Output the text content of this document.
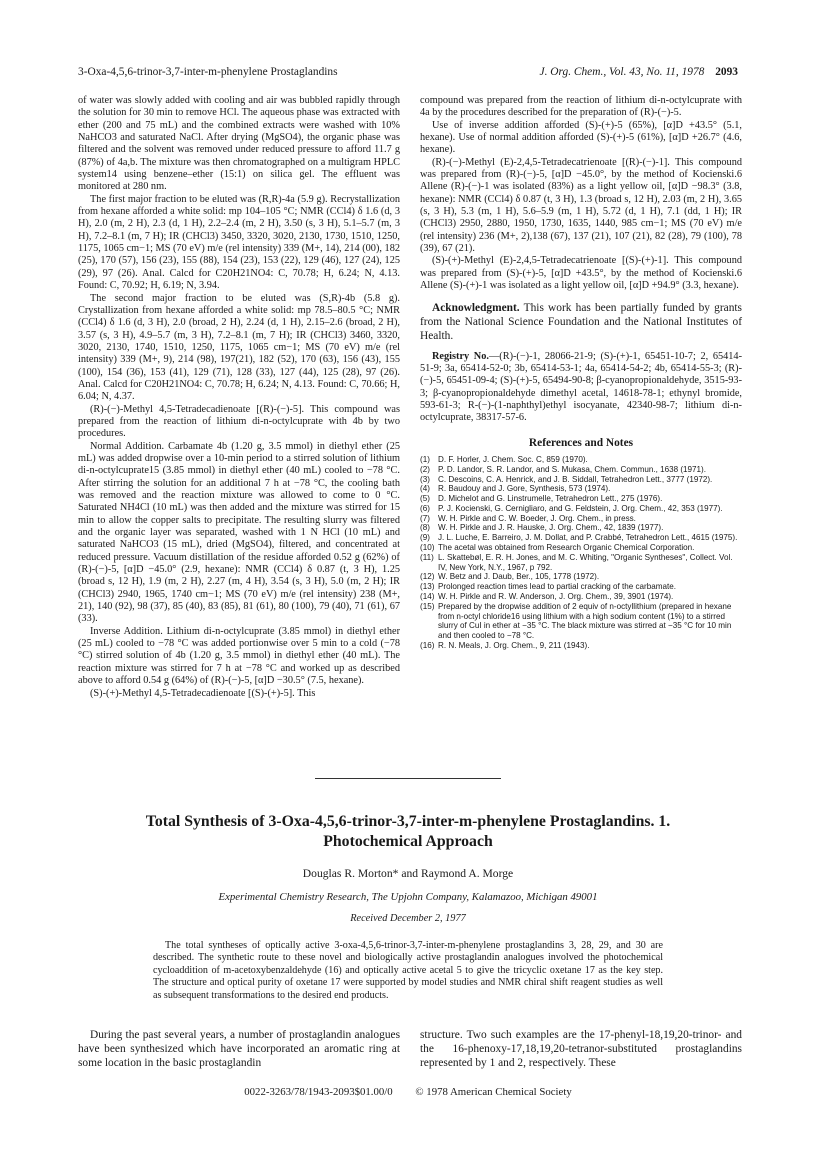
3-Oxa-4,5,6-trinor-3,7-inter-m-phenylene Prostaglandins	J. Org. Chem., Vol. 43, No. 11, 1978 2093

of water was slowly added with cooling and air was bubbled rapidly through the solution for 30 min to remove HCl. The aqueous phase was extracted with ether (200 and 75 mL) and the combined extracts were washed with 10% NaHCO3 and saturated NaCl. After drying (MgSO4), the organic phase was filtered and the solvent was removed under reduced pressure to afford 11.7 g (87%) of 4a,b. The mixture was then chromatographed on a multigram HPLC system14 using benzene–ether (15:1) on silica gel. The effluent was monitored at 280 nm.

The first major fraction to be eluted was (R,R)-4a (5.9 g). Recrystallization from hexane afforded a white solid: mp 104–105 °C; NMR (CCl4) δ 1.6 (d, 3 H), 2.0 (m, 2 H), 2.3 (d, 1 H), 2.2–2.4 (m, 2 H), 3.50 (s, 3 H), 5.1–5.7 (m, 3 H), 7.2–8.1 (m, 7 H); IR (CHCl3) 3450, 3320, 3020, 2130, 1730, 1510, 1250, 1175, 1065 cm−1; MS (70 eV) m/e (rel intensity) 339 (M+, 14), 214 (00), 182 (25), 170 (57), 156 (23), 155 (88), 154 (23), 153 (22), 129 (46), 127 (24), 125 (29), 97 (26). Anal. Calcd for C20H21NO4: C, 70.78; H, 6.24; N, 4.13. Found: C, 70.92; H, 6.19; N, 3.94.

The second major fraction to be eluted was (S,R)-4b (5.8 g). Crystallization from hexane afforded a white solid: mp 78.5–80.5 °C; NMR (CCl4) δ 1.6 (d, 3 H), 2.0 (broad, 2 H), 2.24 (d, 1 H), 2.15–2.6 (broad, 2 H), 3.57 (s, 3 H), 4.9–5.7 (m, 3 H), 7.2–8.1 (m, 7 H); IR (CHCl3) 3460, 3320, 3020, 2130, 1740, 1510, 1250, 1175, 1065 cm−1; MS (70 eV) m/e (rel intensity) 339 (M+, 9), 214 (98), 197(21), 182 (52), 170 (63), 156 (43), 155 (100), 154 (36), 153 (41), 129 (71), 128 (33), 127 (44), 125 (28), 97 (26). Anal. Calcd for C20H21NO4: C, 70.78; H, 6.24; N, 4.13. Found: C, 70.66; H, 6.04; N, 4.37.

(R)-(−)-Methyl 4,5-Tetradecadienoate [(R)-(−)-5]. This compound was prepared from the reaction of lithium di-n-octylcuprate with 4b by two procedures.

Normal Addition. Carbamate 4b (1.20 g, 3.5 mmol) in diethyl ether (25 mL) was added dropwise over a 10-min period to a stirred solution of lithium di-n-octylcuprate15 (3.85 mmol) in diethyl ether (40 mL) cooled to −78 °C. After stirring the solution for an additional 7 h at −78 °C, the cooling bath was removed and the reaction mixture was allowed to come to 0 °C. Saturated NH4Cl (10 mL) was then added and the mixture was stirred for 15 min to allow the copper salts to precipitate. The resulting slurry was filtered and the organic layer was separated, washed with 1 N HCl (10 mL) and saturated NaHCO3 (15 mL), dried (MgSO4), filtered, and concentrated at reduced pressure. Vacuum distillation of the residue afforded 0.52 g (62%) of (R)-(−)-5, [α]D −45.0° (2.9, hexane): NMR (CCl4) δ 0.87 (t, 3 H), 1.25 (broad s, 12 H), 1.9 (m, 2 H), 2.27 (m, 4 H), 3.54 (s, 3 H), 5.0 (m, 2 H); IR (CHCl3) 2940, 1965, 1740 cm−1; MS (70 eV) m/e (rel intensity) 238 (M+, 21), 140 (92), 98 (37), 85 (40), 83 (85), 81 (61), 80 (100), 79 (40), 71 (61), 67 (33).

Inverse Addition. Lithium di-n-octylcuprate (3.85 mmol) in diethyl ether (25 mL) cooled to −78 °C was added portionwise over 5 min to a cold (−78 °C) stirred solution of 4b (1.20 g, 3.5 mmol) in diethyl ether (40 mL). The reaction mixture was stirred for 7 h at −78 °C and worked up as described above to afford 0.54 g (64%) of (R)-(−)-5, [α]D −30.5° (7.5, hexane).

(S)-(+)-Methyl 4,5-Tetradecadienoate [(S)-(+)-5]. This

compound was prepared from the reaction of lithium di-n-octylcuprate with 4a by the procedures described for the preparation of (R)-(−)-5.

Use of inverse addition afforded (S)-(+)-5 (65%), [α]D +43.5° (5.1, hexane). Use of normal addition afforded (S)-(+)-5 (61%), [α]D +26.7° (4.6, hexane).

(R)-(−)-Methyl (E)-2,4,5-Tetradecatrienoate [(R)-(−)-1]. This compound was prepared from (R)-(−)-5, [α]D −45.0°, by the method of Kocienski.6 Allene (R)-(−)-1 was isolated (83%) as a light yellow oil, [α]D −98.3° (3.8, hexane): NMR (CCl4) δ 0.87 (t, 3 H), 1.3 (broad s, 12 H), 2.03 (m, 2 H), 3.65 (s, 3 H), 5.3 (m, 1 H), 5.6–5.9 (m, 1 H), 5.72 (d, 1 H), 7.1 (dd, 1 H); IR (CHCl3) 2950, 2880, 1950, 1730, 1635, 1440, 985 cm−1; MS (70 eV) m/e (rel intensity) 236 (M+, 2),138 (67), 137 (21), 107 (21), 82 (28), 79 (100), 78 (39), 67 (21).

(S)-(+)-Methyl (E)-2,4,5-Tetradecatrienoate [(S)-(+)-1]. This compound was prepared from (S)-(+)-5, [α]D +43.5°, by the method of Kocienski.6 Allene (S)-(+)-1 was isolated as a light yellow oil, [α]D +94.9° (3.3, hexane).

Acknowledgment. This work has been partially funded by grants from the National Science Foundation and the National Institutes of Health.

Registry No.—(R)-(−)-1, 28066-21-9; (S)-(+)-1, 65451-10-7; 2, 65414-51-9; 3a, 65414-52-0; 3b, 65414-53-1; 4a, 65414-54-2; 4b, 65414-55-3; (R)-(−)-5, 65451-09-4; (S)-(+)-5, 65494-90-8; β-cyanopropionaldehyde, 3515-93-3; β-cyanopropionaldehyde dimethyl acetal, 14618-78-1; ethynyl bromide, 593-61-3; R-(−)-(1-naphthyl)ethyl isocyanate, 42340-98-7; lithium di-n-octylcuprate, 38317-57-6.

References and Notes
(1) D. F. Horler, J. Chem. Soc. C, 859 (1970).
(2) P. D. Landor, S. R. Landor, and S. Mukasa, Chem. Commun., 1638 (1971).
(3) C. Descoins, C. A. Henrick, and J. B. Siddall, Tetrahedron Lett., 3777 (1972).
(4) R. Baudouy and J. Gore, Synthesis, 573 (1974).
(5) D. Michelot and G. Linstrumelle, Tetrahedron Lett., 275 (1976).
(6) P. J. Kocienski, G. Cernigliaro, and G. Feldstein, J. Org. Chem., 42, 353 (1977).
(7) W. H. Pirkle and C. W. Boeder, J. Org. Chem., in press.
(8) W. H. Pirkle and J. R. Hauske, J. Org. Chem., 42, 1839 (1977).
(9) J. L. Luche, E. Barreiro, J. M. Dollat, and P. Crabbé, Tetrahedron Lett., 4615 (1975).
(10) The acetal was obtained from Research Organic Chemical Corporation.
(11) L. Skattebøl, E. R. H. Jones, and M. C. Whiting, "Organic Syntheses", Collect. Vol. IV, New York, N.Y., 1967, p 792.
(12) W. Betz and J. Daub, Ber., 105, 1778 (1972).
(13) Prolonged reaction times lead to partial cracking of the carbamate.
(14) W. H. Pirkle and R. W. Anderson, J. Org. Chem., 39, 3901 (1974).
(15) Prepared by the dropwise addition of 2 equiv of n-octyllithium (prepared in hexane from n-octyl chloride16 using lithium with a high sodium content (1%) to a stirred slurry of CuI in ether at −35 °C. The black mixture was stirred at −35 °C for 10 min and then cooled to −78 °C.
(16) R. N. Meals, J. Org. Chem., 9, 211 (1943).
Total Synthesis of 3-Oxa-4,5,6-trinor-3,7-inter-m-phenylene Prostaglandins. 1. Photochemical Approach
Douglas R. Morton* and Raymond A. Morge
Experimental Chemistry Research, The Upjohn Company, Kalamazoo, Michigan 49001
Received December 2, 1977
The total syntheses of optically active 3-oxa-4,5,6-trinor-3,7-inter-m-phenylene prostaglandins 3, 28, 29, and 30 are described. The synthetic route to these novel and biologically active prostaglandin analogues involved the photochemical cycloaddition of m-acetoxybenzaldehyde (16) and optically active acetal 5 to give the tricyclic oxetane 17 as the key step. The structure and optical purity of oxetane 17 were supported by model studies and NMR chiral shift reagent studies as well as subsequent transformations to the desired end products.
During the past several years, a number of prostaglandin analogues have been synthesized which have incorporated an aromatic ring at some location in the basic prostaglandin
structure. Two such examples are the 17-phenyl-18,19,20-trinor- and the 16-phenoxy-17,18,19,20-tetranor-substituted prostaglandins represented by 1 and 2, respectively. These
0022-3263/78/1943-2093$01.00/0 © 1978 American Chemical Society
